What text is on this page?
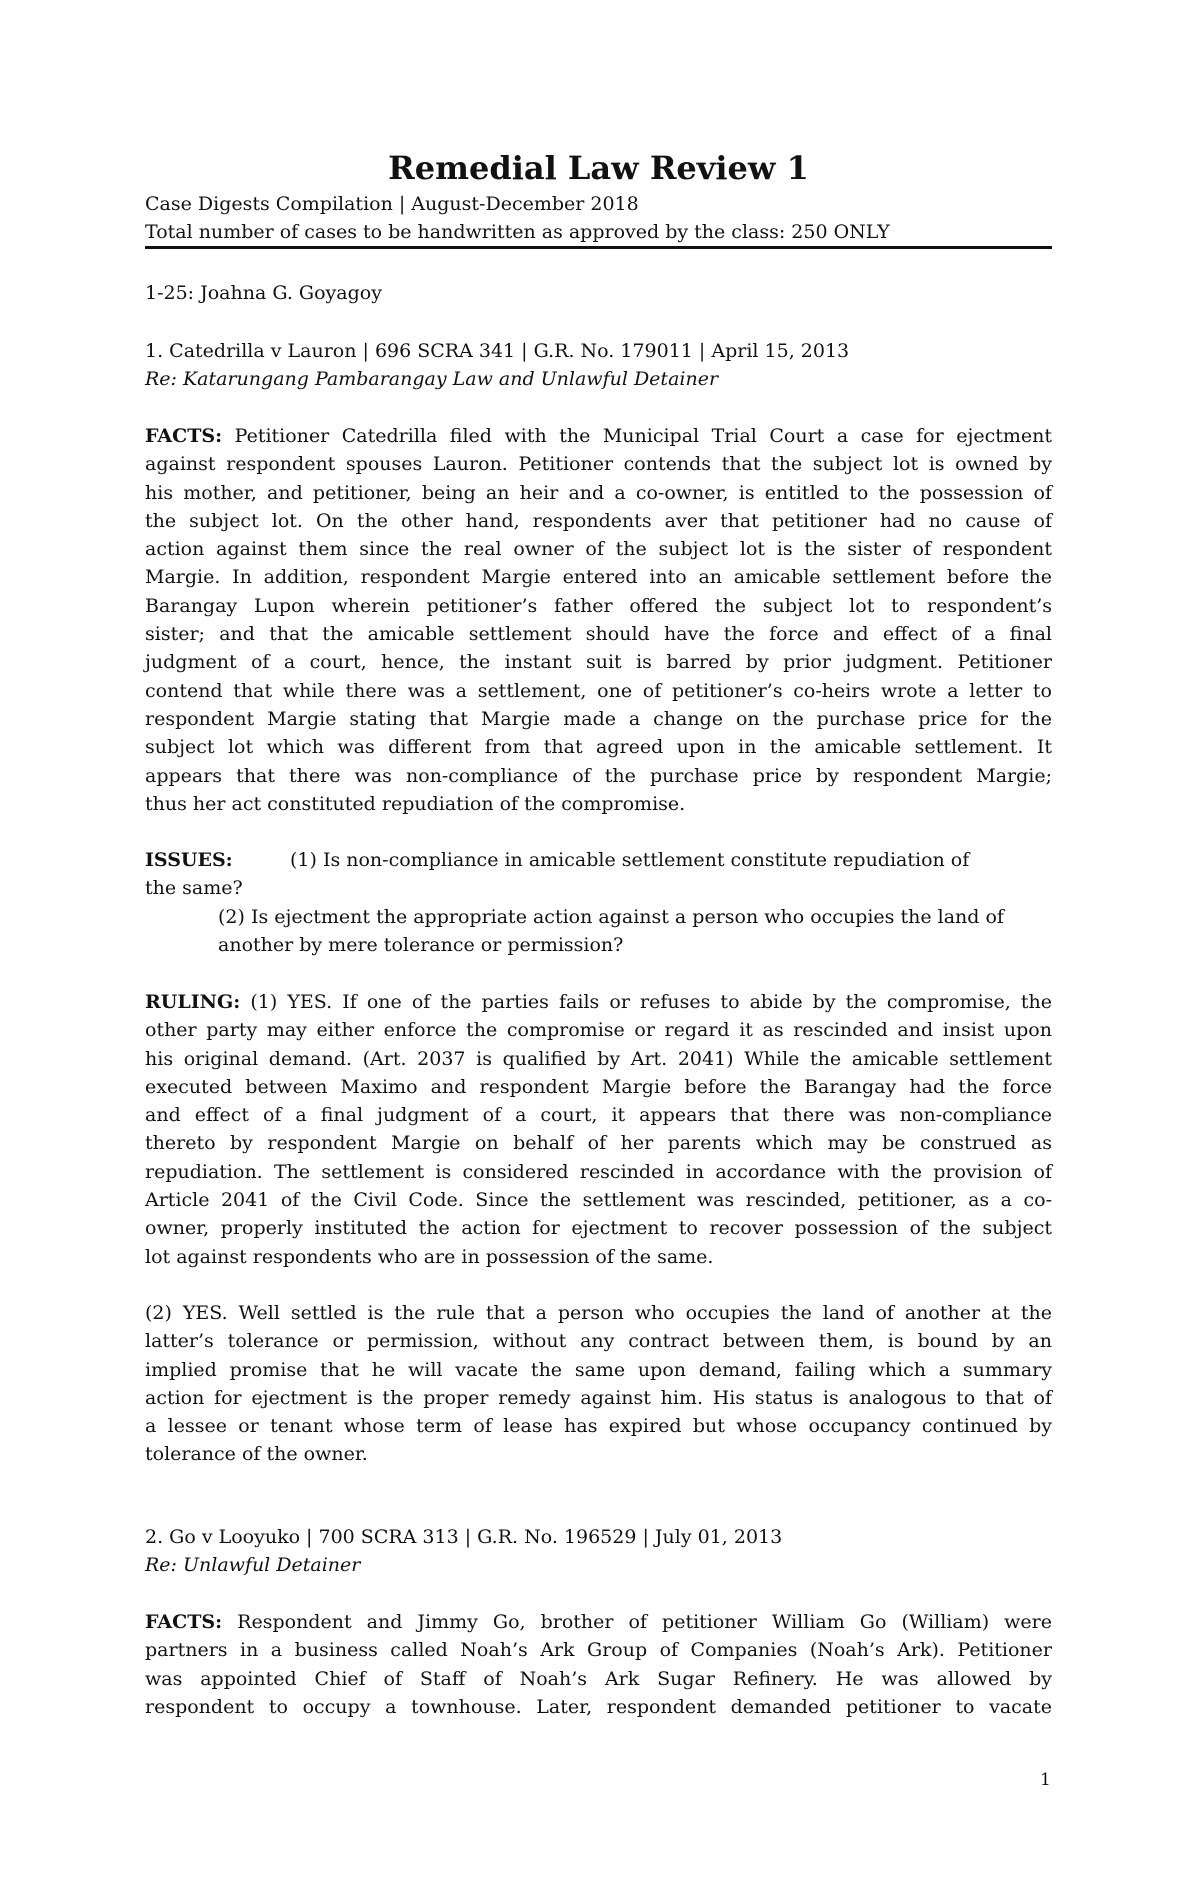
Remedial Law Review 1
Case Digests Compilation | August-December 2018
Total number of cases to be handwritten as approved by the class: 250 ONLY
1-25: Joahna G. Goyagoy
1. Catedrilla v Lauron | 696 SCRA 341 | G.R. No. 179011 | April 15, 2013
Re: Katarungang Pambarangay Law and Unlawful Detainer
FACTS: Petitioner Catedrilla filed with the Municipal Trial Court a case for ejectment
against respondent spouses Lauron. Petitioner contends that the subject lot is owned by
his mother, and petitioner, being an heir and a co-owner, is entitled to the possession of
the subject lot. On the other hand, respondents aver that petitioner had no cause of
action against them since the real owner of the subject lot is the sister of respondent
Margie. In addition, respondent Margie entered into an amicable settlement before the
Barangay Lupon wherein petitioner’s father offered the subject lot to respondent’s
sister; and that the amicable settlement should have the force and effect of a final
judgment of a court, hence, the instant suit is barred by prior judgment. Petitioner
contend that while there was a settlement, one of petitioner’s co-heirs wrote a letter to
respondent Margie stating that Margie made a change on the purchase price for the
subject lot which was different from that agreed upon in the amicable settlement. It
appears that there was non-compliance of the purchase price by respondent Margie;
thus her act constituted repudiation of the compromise.
ISSUES:	(1) Is non-compliance in amicable settlement constitute repudiation of
the same?
(2) Is ejectment the appropriate action against a person who occupies the land of
another by mere tolerance or permission?
RULING: (1) YES. If one of the parties fails or refuses to abide by the compromise, the
other party may either enforce the compromise or regard it as rescinded and insist upon
his original demand. (Art. 2037 is qualified by Art. 2041) While the amicable settlement
executed between Maximo and respondent Margie before the Barangay had the force
and effect of a final judgment of a court, it appears that there was non-compliance
thereto by respondent Margie on behalf of her parents which may be construed as
repudiation. The settlement is considered rescinded in accordance with the provision of
Article 2041 of the Civil Code. Since the settlement was rescinded, petitioner, as a co-
owner, properly instituted the action for ejectment to recover possession of the subject
lot against respondents who are in possession of the same.
(2) YES. Well settled is the rule that a person who occupies the land of another at the
latter’s tolerance or permission, without any contract between them, is bound by an
implied promise that he will vacate the same upon demand, failing which a summary
action for ejectment is the proper remedy against him. His status is analogous to that of
a lessee or tenant whose term of lease has expired but whose occupancy continued by
tolerance of the owner.
2. Go v Looyuko | 700 SCRA 313 | G.R. No. 196529 | July 01, 2013
Re: Unlawful Detainer
FACTS: Respondent and Jimmy Go, brother of petitioner William Go (William) were
partners in a business called Noah’s Ark Group of Companies (Noah’s Ark). Petitioner
was appointed Chief of Staff of Noah’s Ark Sugar Refinery. He was allowed by
respondent to occupy a townhouse. Later, respondent demanded petitioner to vacate
1
